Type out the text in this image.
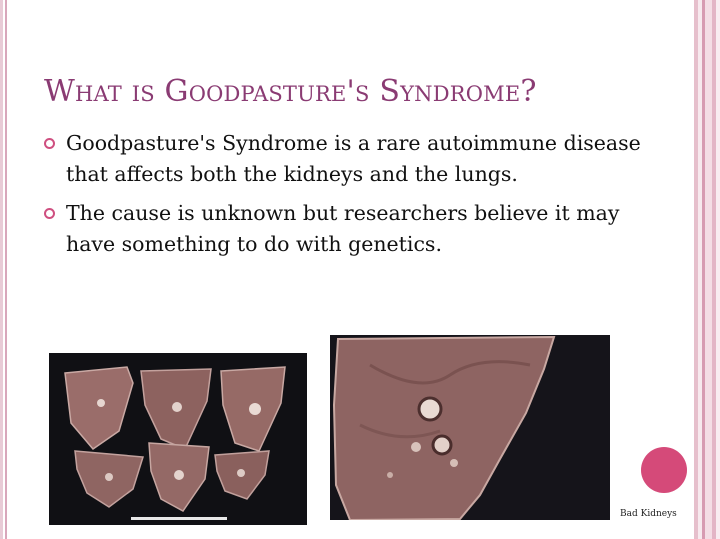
What is Goodpasture's Syndrome?
Goodpasture's Syndrome is a rare autoimmune disease that affects both the kidneys and the lungs.
The cause is unknown but researchers believe it may have something to do with genetics.
Bad Kidneys
